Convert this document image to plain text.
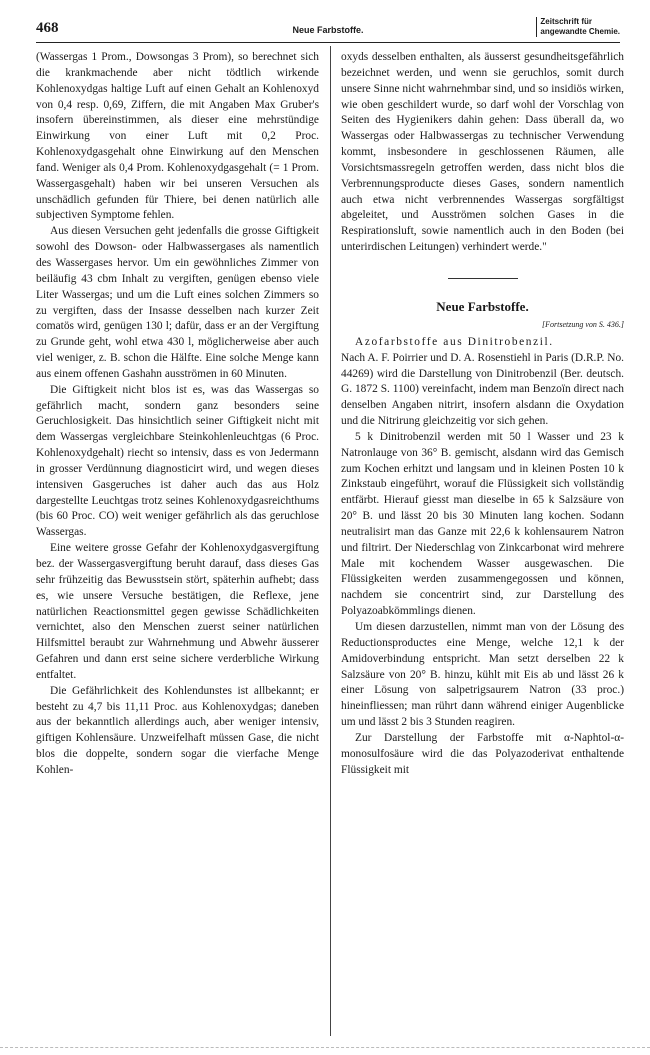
468	Neue Farbstoffe.
Zeitschrift für
angewandte Chemie.

(Wassergas 1 Prom., Dowsongas 3 Prom), so berechnet sich die krankmachende aber nicht tödtlich wirkende Kohlenoxydgas haltige Luft auf einen Gehalt an Kohlenoxyd von 0,4 resp. 0,69, Ziffern, die mit Angaben Max Gruber's insofern übereinstimmen, als dieser eine mehrstündige Einwirkung von einer Luft mit 0,2 Proc. Kohlenoxydgasgehalt ohne Einwirkung auf den Menschen fand. Weniger als 0,4 Prom. Kohlenoxydgasgehalt (= 1 Prom. Wassergasgehalt) haben wir bei unseren Versuchen als unschädlich gefunden für Thiere, bei denen natürlich alle subjectiven Symptome fehlen.

Aus diesen Versuchen geht jedenfalls die grosse Giftigkeit sowohl des Dowson- oder Halbwassergases als namentlich des Wassergases hervor. Um ein gewöhnliches Zimmer von beiläufig 43 cbm Inhalt zu vergiften, genügen ebenso viele Liter Wassergas; und um die Luft eines solchen Zimmers so zu vergiften, dass der Insasse desselben nach kurzer Zeit comatös wird, genügen 130 l; dafür, dass er an der Vergiftung zu Grunde geht, wohl etwa 430 l, möglicherweise aber auch viel weniger, z. B. schon die Hälfte. Eine solche Menge kann aus einem offenen Gashahn ausströmen in 60 Minuten.

Die Giftigkeit nicht blos ist es, was das Wassergas so gefährlich macht, sondern ganz besonders seine Geruchlosigkeit. Das hinsichtlich seiner Giftigkeit nicht mit dem Wassergas vergleichbare Steinkohlenleuchtgas (6 Proc. Kohlenoxydgehalt) riecht so intensiv, dass es von Jedermann in grosser Verdünnung diagnosticirt wird, und wegen dieses intensiven Gasgeruches ist daher auch das aus Holz dargestellte Leuchtgas trotz seines Kohlenoxydgasreichthums (bis 60 Proc. CO) weit weniger gefährlich als das geruchlose Wassergas.

Eine weitere grosse Gefahr der Kohlenoxydgasvergiftung bez. der Wassergasvergiftung beruht darauf, dass dieses Gas sehr frühzeitig das Bewusstsein stört, späterhin aufhebt; dass es, wie unsere Versuche bestätigen, die Reflexe, jene natürlichen Reactionsmittel gegen gewisse Schädlichkeiten vernichtet, also den Menschen zuerst seiner natürlichen Hilfsmittel beraubt zur Wahrnehmung und Abwehr äusserer Gefahren und dann erst seine sichere verderbliche Wirkung entfaltet.

Die Gefährlichkeit des Kohlendunstes ist allbekannt; er besteht zu 4,7 bis 11,11 Proc. aus Kohlenoxydgas; daneben aus der bekanntlich allerdings auch, aber weniger intensiv, giftigen Kohlensäure. Unzweifelhaft müssen Gase, die nicht blos die doppelte, sondern sogar die vierfache Menge Kohlen-

oxyds desselben enthalten, als äusserst gesundheitsgefährlich bezeichnet werden, und wenn sie geruchlos, somit durch unsere Sinne nicht wahrnehmbar sind, und so insidiös wirken, wie oben geschildert wurde, so darf wohl der Vorschlag von Seiten des Hygienikers dahin gehen: Dass überall da, wo Wassergas oder Halbwassergas zu technischer Verwendung kommt, insbesondere in geschlossenen Räumen, alle Vorsichtsmassregeln getroffen werden, dass nicht blos die Verbrennungsproducte dieses Gases, sondern namentlich auch etwa nicht verbrennendes Wassergas sorgfältigst abgeleitet, und Ausströmen solchen Gases in die Respirationsluft, sowie namentlich auch in den Boden (bei unterirdischen Leitungen) verhindert werde."

Neue Farbstoffe.
[Fortsetzung von S. 436.]

Azofarbstoffe aus Dinitrobenzil.

Nach A. F. Poirrier und D. A. Rosenstiehl in Paris (D.R.P. No. 44269) wird die Darstellung von Dinitrobenzil (Ber. deutsch. G. 1872 S. 1100) vereinfacht, indem man Benzoïn direct nach denselben Angaben nitrirt, insofern alsdann die Oxydation und die Nitrirung gleichzeitig vor sich gehen.

5 k Dinitrobenzil werden mit 50 l Wasser und 23 k Natronlauge von 36° B. gemischt, alsdann wird das Gemisch zum Kochen erhitzt und langsam und in kleinen Posten 10 k Zinkstaub eingeführt, worauf die Flüssigkeit sich vollständig entfärbt. Hierauf giesst man dieselbe in 65 k Salzsäure von 20° B. und lässt 20 bis 30 Minuten lang kochen. Sodann neutralisirt man das Ganze mit 22,6 k kohlensaurem Natron und filtrirt. Der Niederschlag von Zinkcarbonat wird mehrere Male mit kochendem Wasser ausgewaschen. Die Flüssigkeiten werden zusammengegossen und können, nachdem sie concentrirt sind, zur Darstellung des Polyazoabkömmlings dienen.

Um diesen darzustellen, nimmt man von der Lösung des Reductionsproductes eine Menge, welche 12,1 k der Amidoverbindung entspricht. Man setzt derselben 22 k Salzsäure von 20° B. hinzu, kühlt mit Eis ab und lässt 26 k einer Lösung von salpetrigsaurem Natron (33 proc.) hineinfliessen; man rührt dann während einiger Augenblicke um und lässt 2 bis 3 Stunden reagiren.

Zur Darstellung der Farbstoffe mit α-Naphtol-α-monosulfosäure wird die das Polyazoderivat enthaltende Flüssigkeit mit
